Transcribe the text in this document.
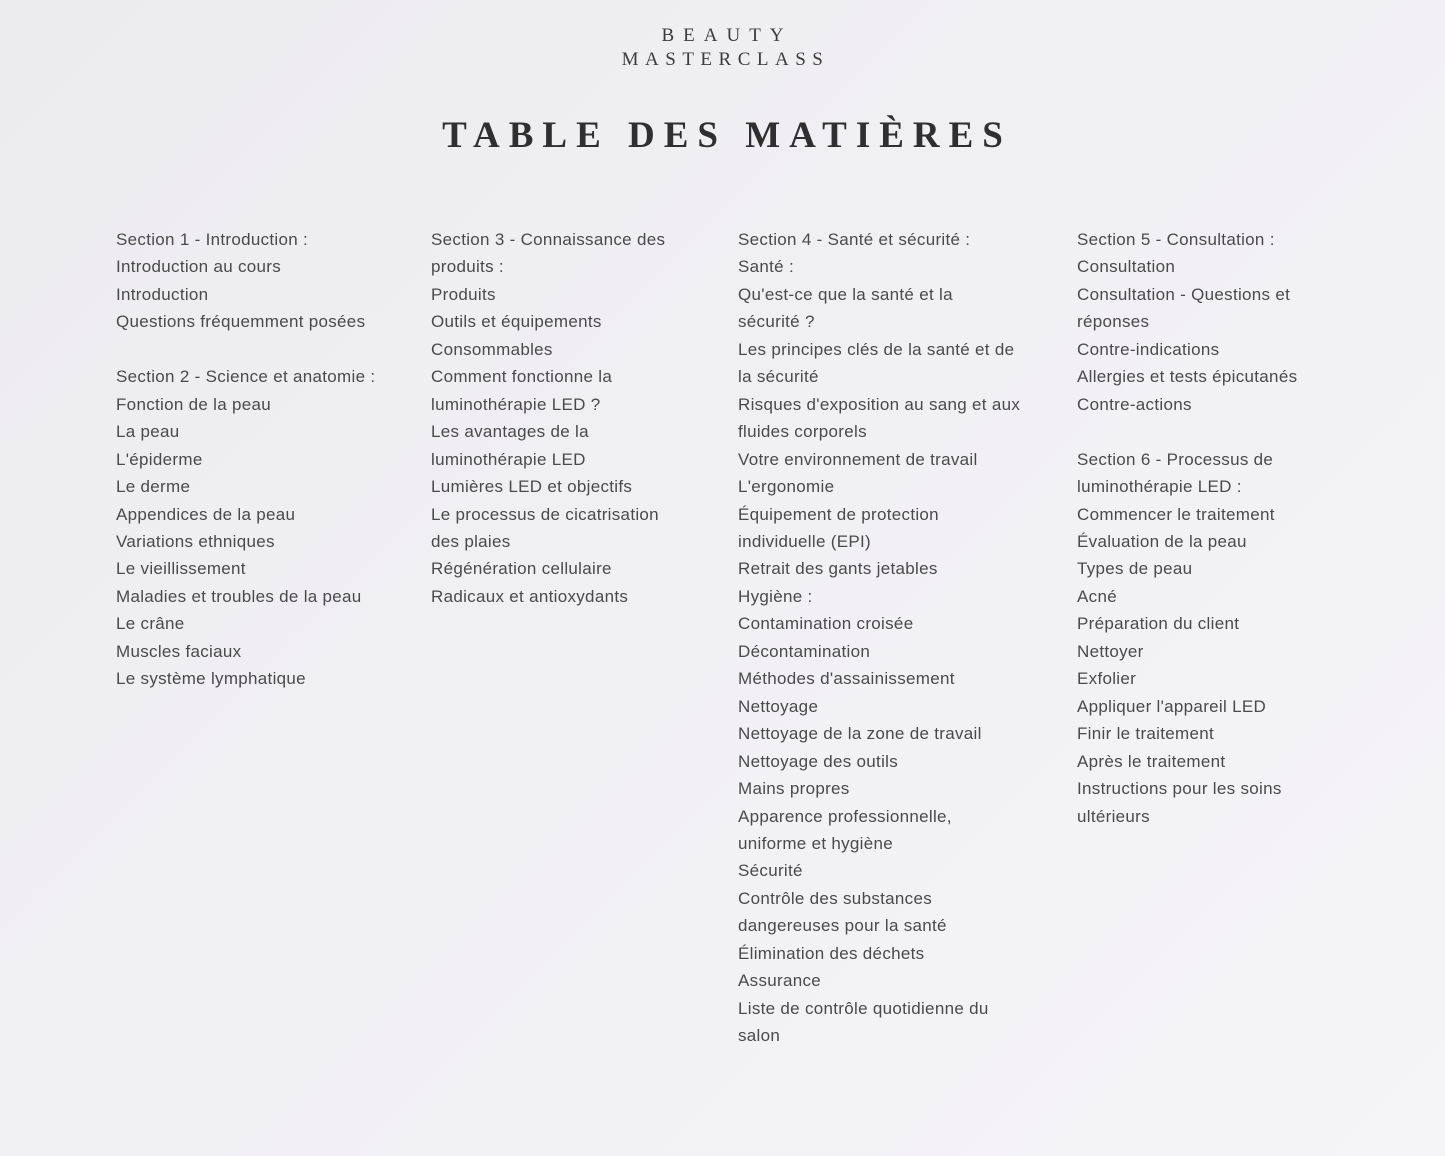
BEAUTY
MASTERCLASS
TABLE DES MATIÈRES
Section 1 - Introduction :
Introduction au cours
Introduction
Questions fréquemment posées
Section 2 - Science et anatomie :
Fonction de la peau
La peau
L'épiderme
Le derme
Appendices de la peau
Variations ethniques
Le vieillissement
Maladies et troubles de la peau
Le crâne
Muscles faciaux
Le système lymphatique
Section 3 - Connaissance des
produits :
Produits
Outils et équipements
Consommables
Comment fonctionne la
luminothérapie LED ?
Les avantages de la
luminothérapie LED
Lumières LED et objectifs
Le processus de cicatrisation
des plaies
Régénération cellulaire
Radicaux et antioxydants
Section 4 - Santé et sécurité :
Santé :
Qu'est-ce que la santé et la
sécurité ?
Les principes clés de la santé et de
la sécurité
Risques d'exposition au sang et aux
fluides corporels
Votre environnement de travail
L'ergonomie
Équipement de protection
individuelle (EPI)
Retrait des gants jetables
Hygiène :
Contamination croisée
Décontamination
Méthodes d'assainissement
Nettoyage
Nettoyage de la zone de travail
Nettoyage des outils
Mains propres
Apparence professionnelle,
uniforme et hygiène
Sécurité
Contrôle des substances
dangereuses pour la santé
Élimination des déchets
Assurance
Liste de contrôle quotidienne du
salon
Section 5 - Consultation :
Consultation
Consultation - Questions et
réponses
Contre-indications
Allergies et tests épicutanés
Contre-actions
Section 6 - Processus de
luminothérapie LED :
Commencer le traitement
Évaluation de la peau
Types de peau
Acné
Préparation du client
Nettoyer
Exfolier
Appliquer l'appareil LED
Finir le traitement
Après le traitement
Instructions pour les soins
ultérieurs
